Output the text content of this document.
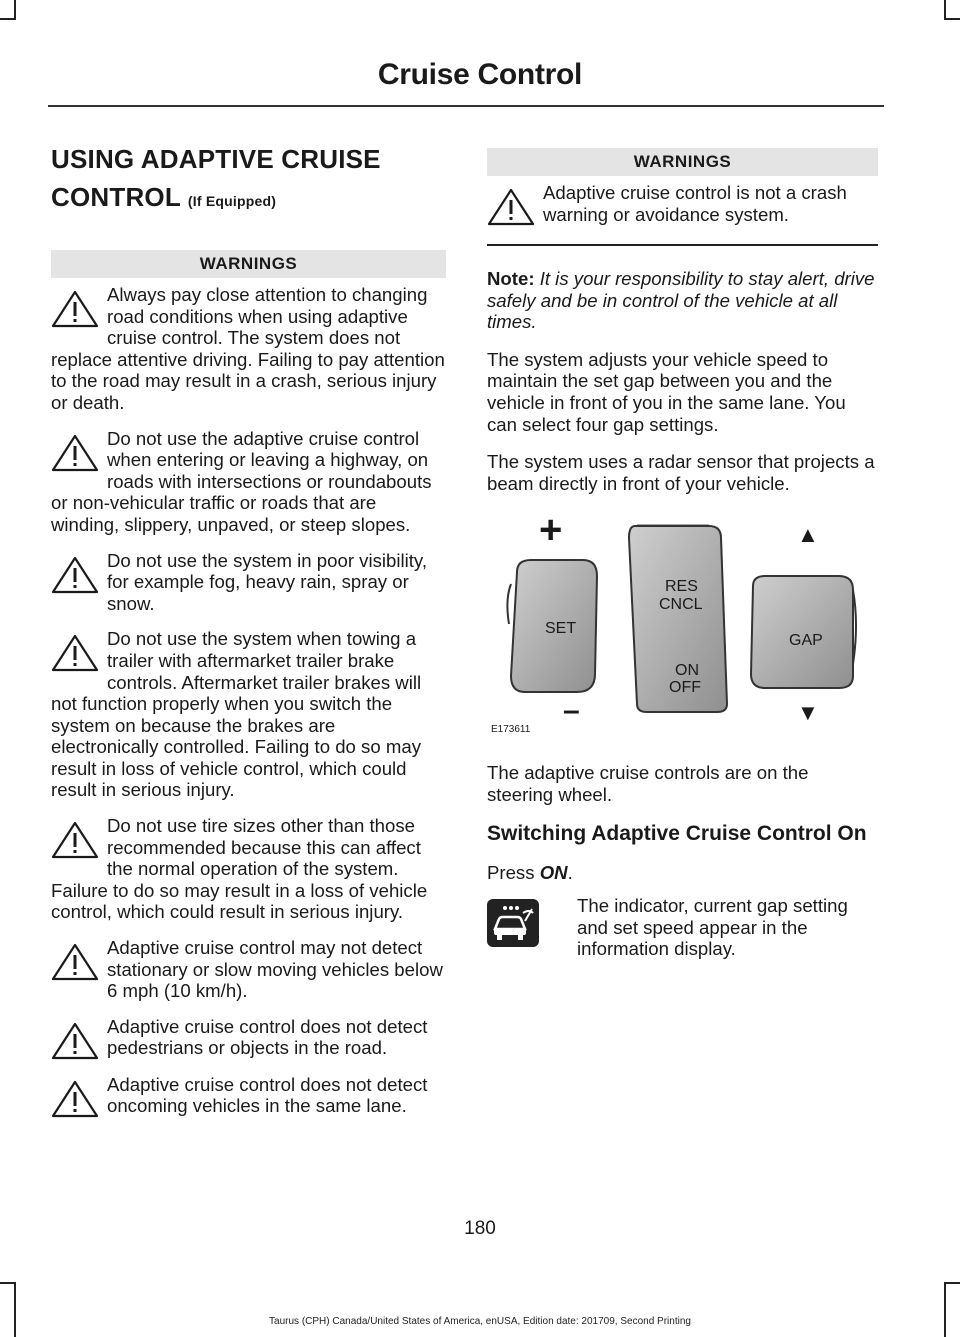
Cruise Control
USING ADAPTIVE CRUISE
CONTROL (If Equipped)
WARNINGS
Always pay close attention to changing road conditions when using adaptive cruise control. The system does not replace attentive driving. Failing to pay attention to the road may result in a crash, serious injury or death.
Do not use the adaptive cruise control when entering or leaving a highway, on roads with intersections or roundabouts or non-vehicular traffic or roads that are winding, slippery, unpaved, or steep slopes.
Do not use the system in poor visibility, for example fog, heavy rain, spray or snow.
Do not use the system when towing a trailer with aftermarket trailer brake controls. Aftermarket trailer brakes will not function properly when you switch the system on because the brakes are electronically controlled. Failing to do so may result in loss of vehicle control, which could result in serious injury.
Do not use tire sizes other than those recommended because this can affect the normal operation of the system. Failure to do so may result in a loss of vehicle control, which could result in serious injury.
Adaptive cruise control may not detect stationary or slow moving vehicles below 6 mph (10 km/h).
Adaptive cruise control does not detect pedestrians or objects in the road.
Adaptive cruise control does not detect oncoming vehicles in the same lane.
WARNINGS
Adaptive cruise control is not a crash warning or avoidance system.

Note: It is your responsibility to stay alert, drive safely and be in control of the vehicle at all times.

The system adjusts your vehicle speed to maintain the set gap between you and the vehicle in front of you in the same lane. You can select four gap settings.

The system uses a radar sensor that projects a beam directly in front of your vehicle.

+
–
SET
RES
CNCL
ON
OFF
GAP
▲
▼
E173611

The adaptive cruise controls are on the steering wheel.

Switching Adaptive Cruise Control On

Press ON.

The indicator, current gap setting and set speed appear in the information display.
180
Taurus (CPH) Canada/United States of America, enUSA, Edition date: 201709, Second Printing
